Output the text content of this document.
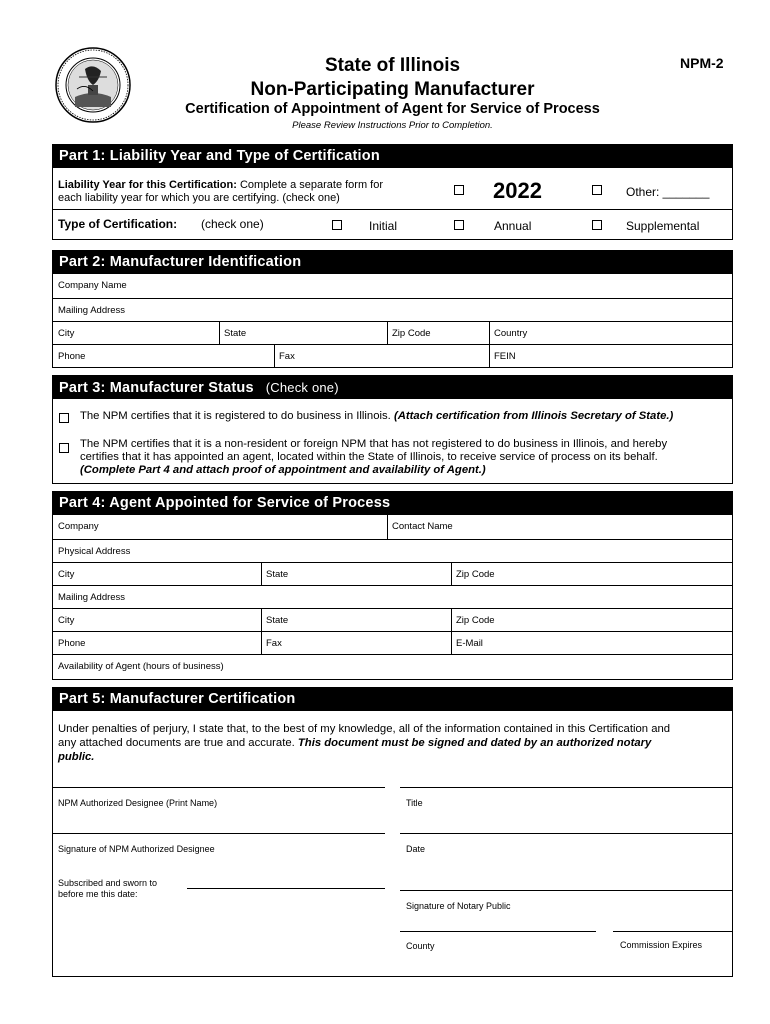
State of Illinois
Non-Participating Manufacturer
Certification of Appointment of Agent for Service of Process
Please Review Instructions Prior to Completion.
NPM-2
Part 1: Liability Year and Type of Certification
Liability Year for this Certification: Complete a separate form for
each liability year for which you are certifying. (check one)	2022	Other: _______
Type of Certification: (check one)	Initial	Annual	Supplemental
Part 2: Manufacturer Identification
Company Name
Mailing Address
City	State	Zip Code	Country
Phone	Fax	FEIN
Part 3: Manufacturer Status (Check one)
The NPM certifies that it is registered to do business in Illinois. (Attach certification from Illinois Secretary of State.)
The NPM certifies that it is a non-resident or foreign NPM that has not registered to do business in Illinois, and hereby
certifies that it has appointed an agent, located within the State of Illinois, to receive service of process on its behalf.
(Complete Part 4 and attach proof of appointment and availability of Agent.)
Part 4: Agent Appointed for Service of Process
Company	Contact Name
Physical Address
City	State	Zip Code
Mailing Address
City	State	Zip Code
Phone	Fax	E-Mail
Availability of Agent (hours of business)
Part 5: Manufacturer Certification
Under penalties of perjury, I state that, to the best of my knowledge, all of the information contained in this Certification and
any attached documents are true and accurate. This document must be signed and dated by an authorized notary
public.
NPM Authorized Designee (Print Name)	Title
Signature of NPM Authorized Designee	Date
Subscribed and sworn to
before me this date:
Signature of Notary Public
County	Commission Expires
